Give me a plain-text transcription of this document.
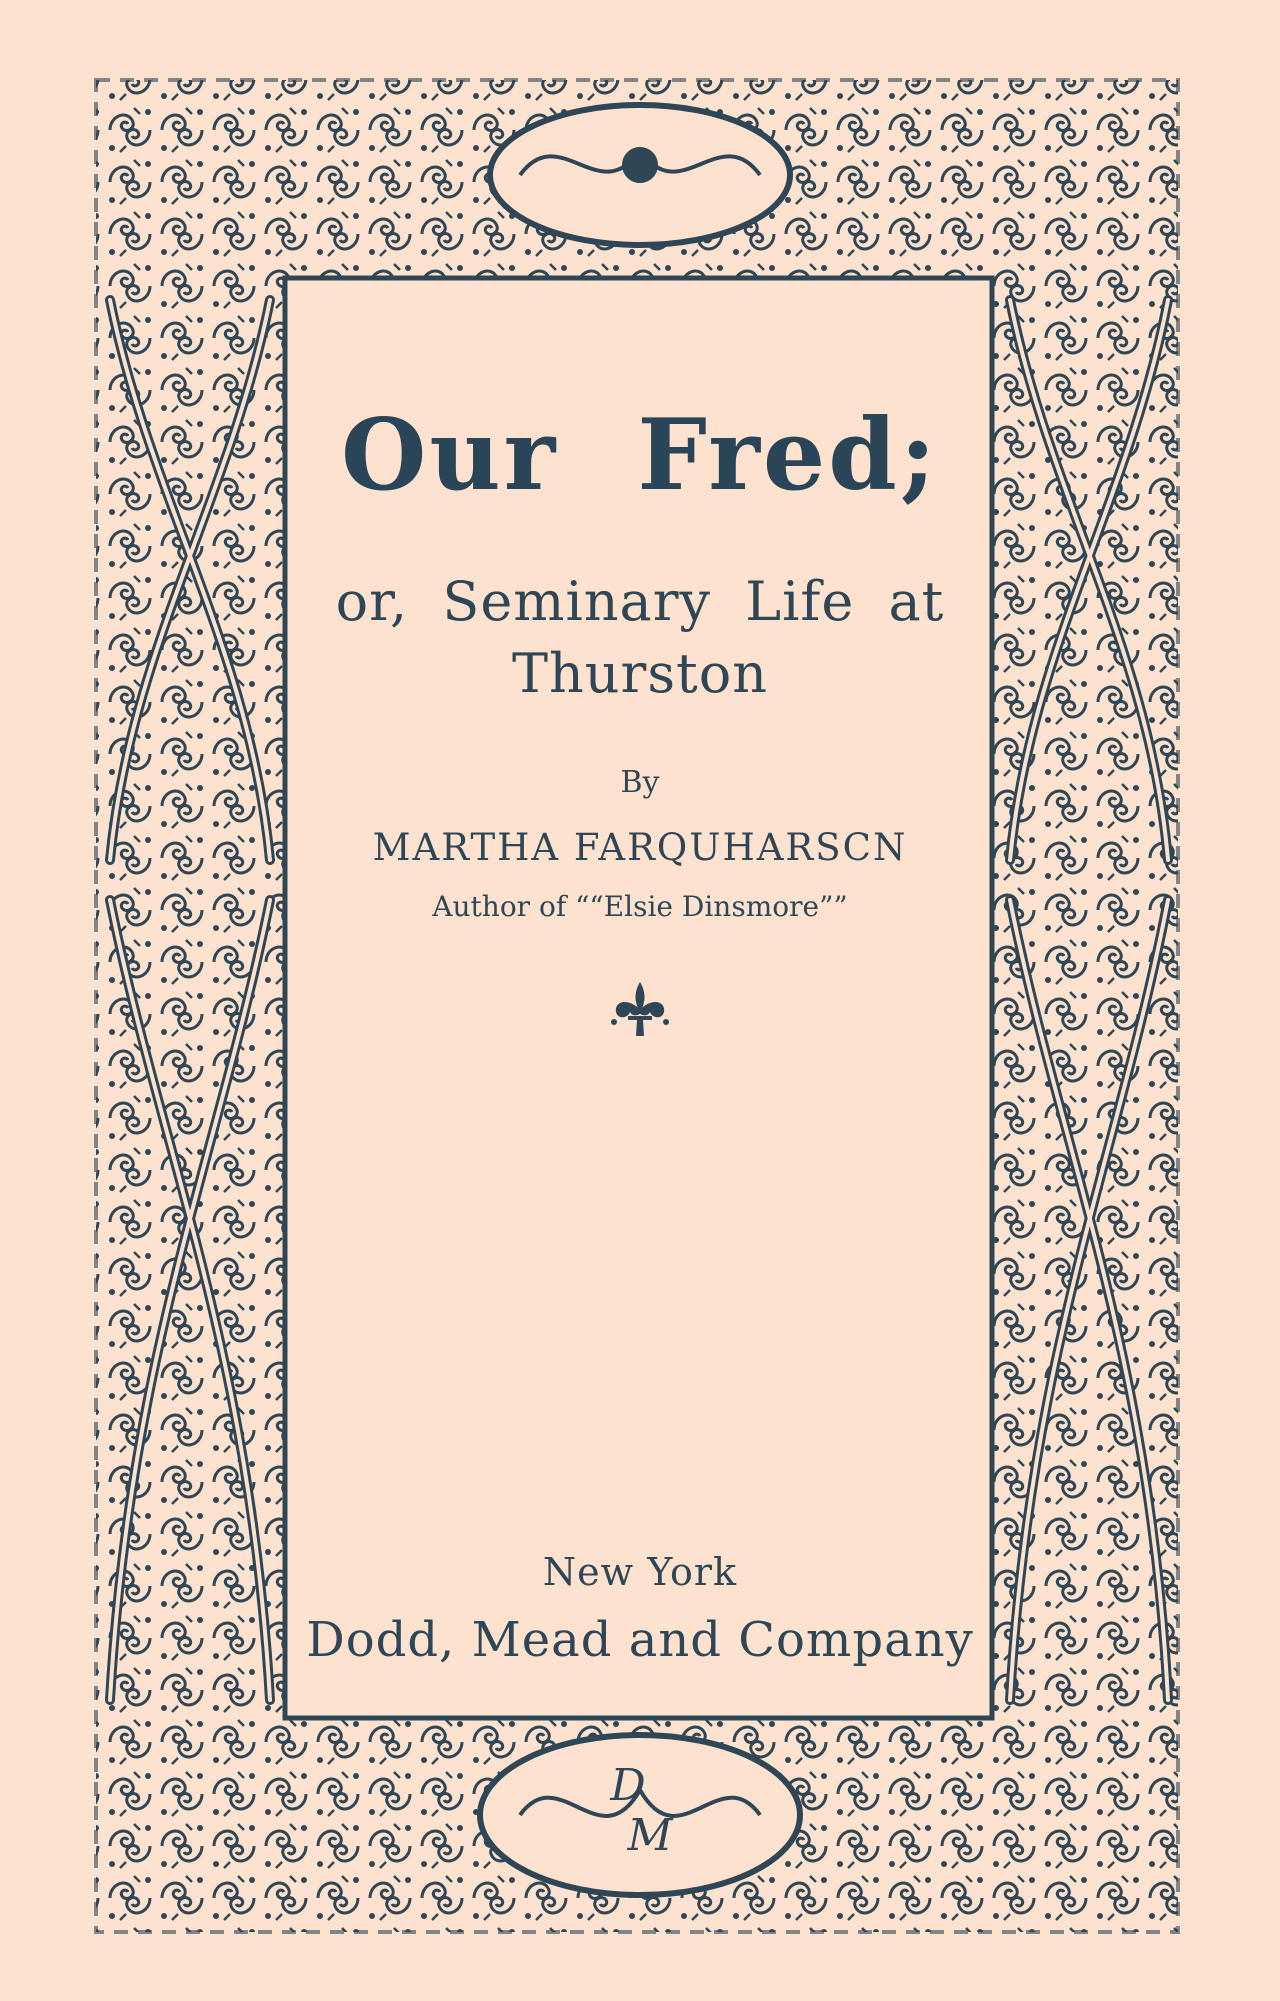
D
M
Our Fred;
or, Seminary Life at
Thurston
By
MARTHA FARQUHARSCN
Author of ““Elsie Dinsmore””
New York
Dodd, Mead and Company
